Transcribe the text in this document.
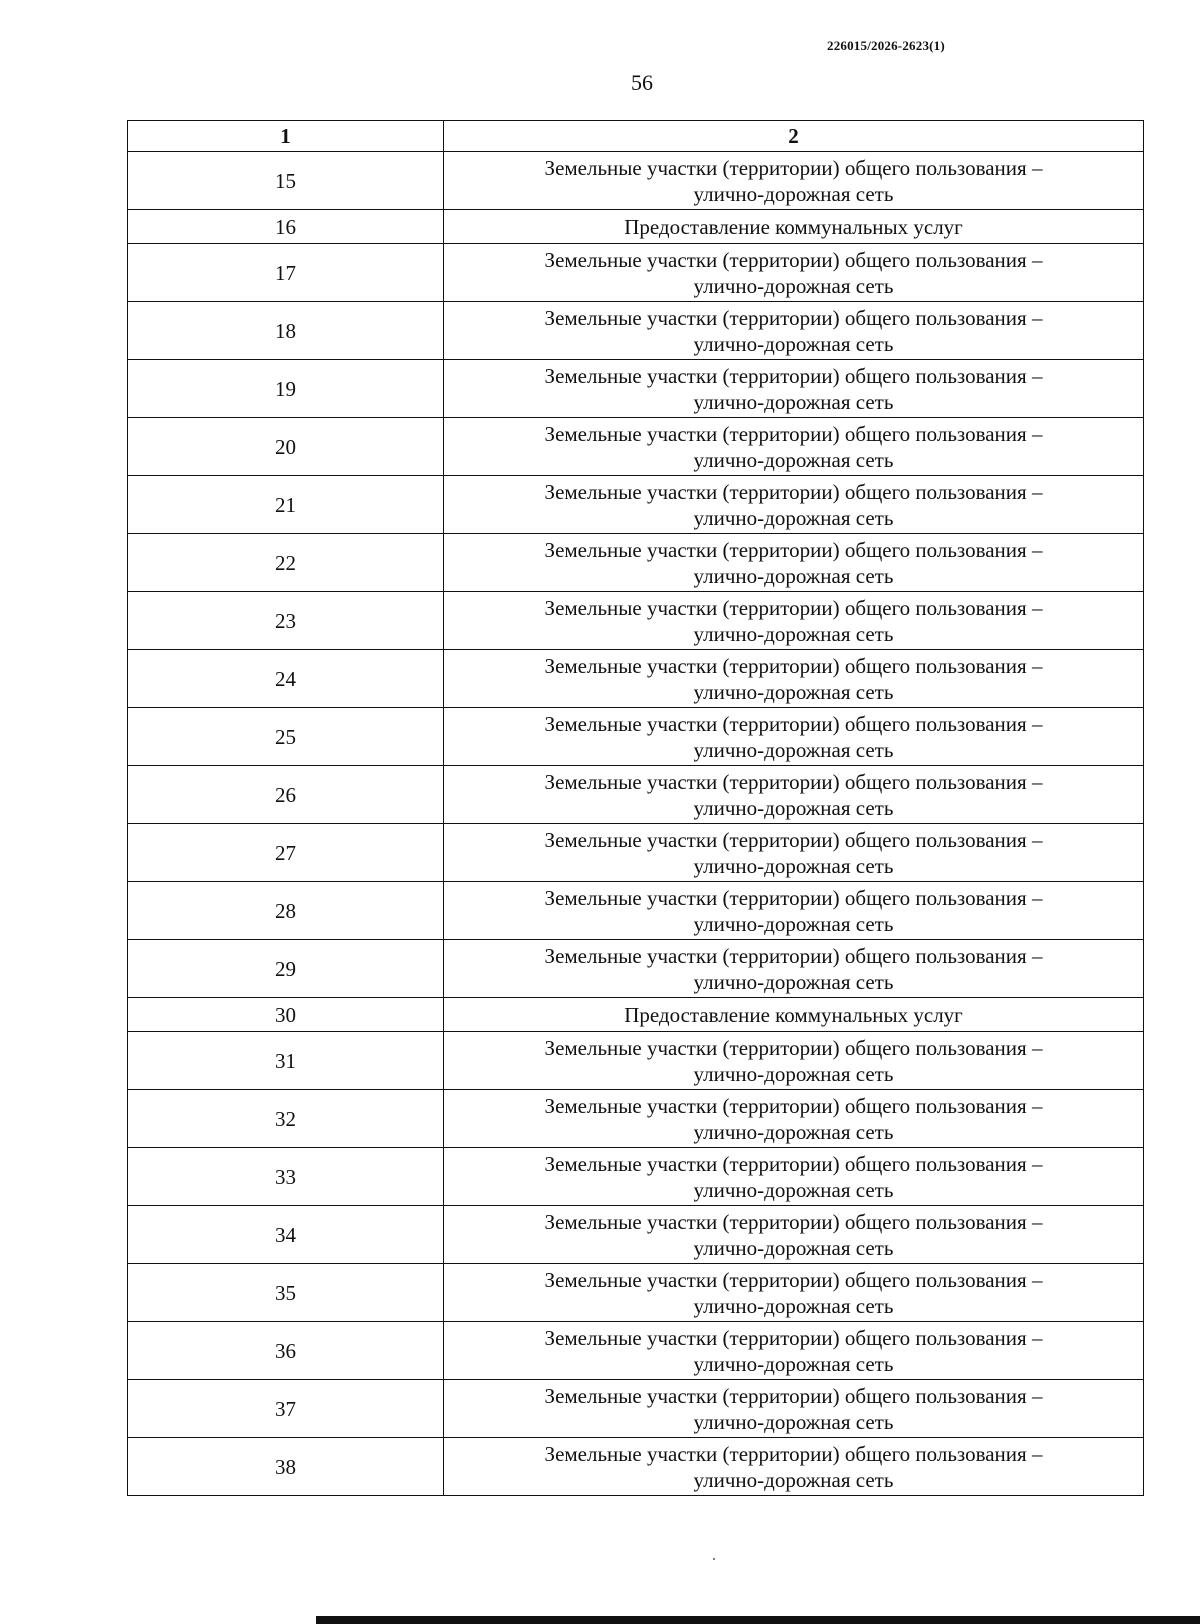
226015/2026-2623(1)
56
1	2
15	Земельные участки (территории) общего пользования –
улично-дорожная сеть

16	Предоставление коммунальных услуг

17	Земельные участки (территории) общего пользования –
улично-дорожная сеть

18	Земельные участки (территории) общего пользования –
улично-дорожная сеть

19	Земельные участки (территории) общего пользования –
улично-дорожная сеть

20	Земельные участки (территории) общего пользования –
улично-дорожная сеть

21	Земельные участки (территории) общего пользования –
улично-дорожная сеть

22	Земельные участки (территории) общего пользования –
улично-дорожная сеть

23	Земельные участки (территории) общего пользования –
улично-дорожная сеть

24	Земельные участки (территории) общего пользования –
улично-дорожная сеть

25	Земельные участки (территории) общего пользования –
улично-дорожная сеть

26	Земельные участки (территории) общего пользования –
улично-дорожная сеть

27	Земельные участки (территории) общего пользования –
улично-дорожная сеть

28	Земельные участки (территории) общего пользования –
улично-дорожная сеть

29	Земельные участки (территории) общего пользования –
улично-дорожная сеть

30	Предоставление коммунальных услуг

31	Земельные участки (территории) общего пользования –
улично-дорожная сеть

32	Земельные участки (территории) общего пользования –
улично-дорожная сеть

33	Земельные участки (территории) общего пользования –
улично-дорожная сеть

34	Земельные участки (территории) общего пользования –
улично-дорожная сеть

35	Земельные участки (территории) общего пользования –
улично-дорожная сеть

36	Земельные участки (территории) общего пользования –
улично-дорожная сеть

37	Земельные участки (территории) общего пользования –
улично-дорожная сеть

38	Земельные участки (территории) общего пользования –
улично-дорожная сеть
